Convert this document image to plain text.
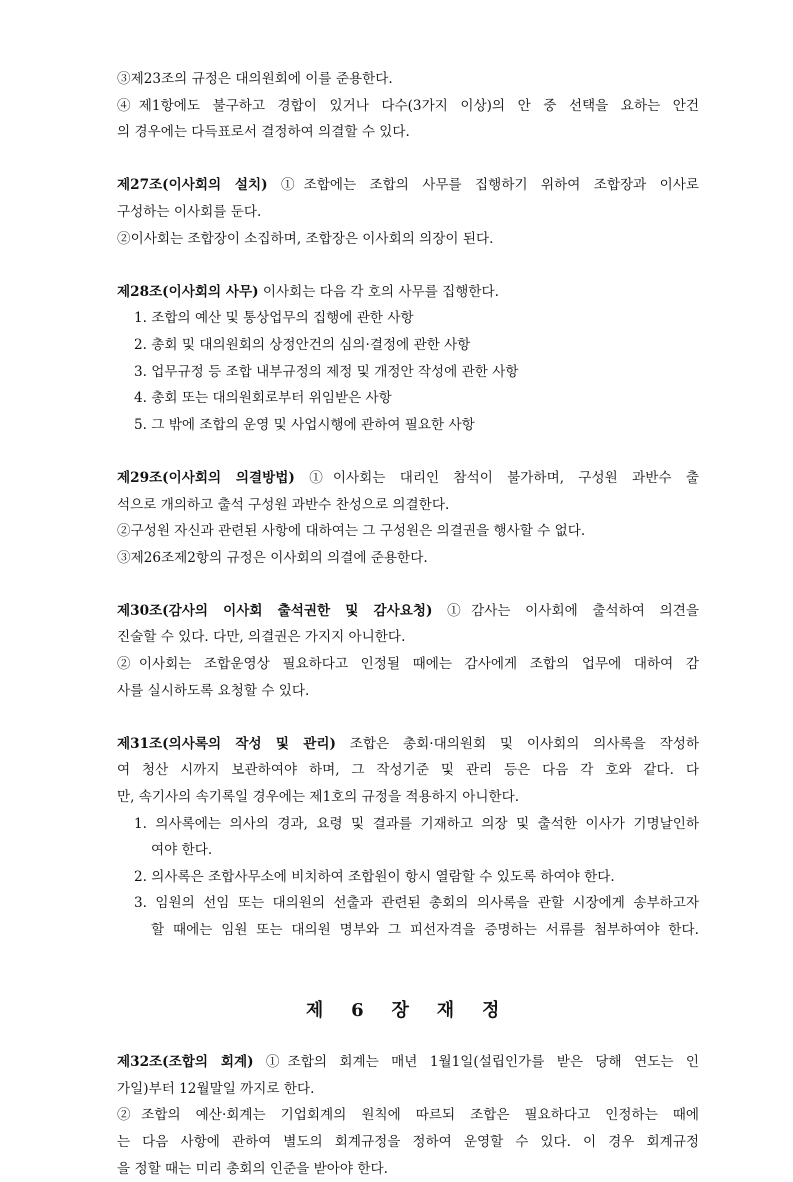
③제23조의 규정은 대의원회에 이를 준용한다.
④제1항에도 불구하고 경합이 있거나 다수(3가지 이상)의 안 중 선택을 요하는 안건
의 경우에는 다득표로서 결정하여 의결할 수 있다.
제27조(이사회의 설치) ①조합에는 조합의 사무를 집행하기 위하여 조합장과 이사로
구성하는 이사회를 둔다.
②이사회는 조합장이 소집하며, 조합장은 이사회의 의장이 된다.
제28조(이사회의 사무) 이사회는 다음 각 호의 사무를 집행한다.
1. 조합의 예산 및 통상업무의 집행에 관한 사항
2. 총회 및 대의원회의 상정안건의 심의·결정에 관한 사항
3. 업무규정 등 조합 내부규정의 제정 및 개정안 작성에 관한 사항
4. 총회 또는 대의원회로부터 위임받은 사항
5. 그 밖에 조합의 운영 및 사업시행에 관하여 필요한 사항
제29조(이사회의 의결방법) ①이사회는 대리인 참석이 불가하며, 구성원 과반수 출
석으로 개의하고 출석 구성원 과반수 찬성으로 의결한다.
②구성원 자신과 관련된 사항에 대하여는 그 구성원은 의결권을 행사할 수 없다.
③제26조제2항의 규정은 이사회의 의결에 준용한다.
제30조(감사의 이사회 출석권한 및 감사요청) ①감사는 이사회에 출석하여 의견을
진술할 수 있다. 다만, 의결권은 가지지 아니한다.
②이사회는 조합운영상 필요하다고 인정될 때에는 감사에게 조합의 업무에 대하여 감
사를 실시하도록 요청할 수 있다.
제31조(의사록의 작성 및 관리) 조합은 총회·대의원회 및 이사회의 의사록을 작성하
여 청산 시까지 보관하여야 하며, 그 작성기준 및 관리 등은 다음 각 호와 같다. 다
만, 속기사의 속기록일 경우에는 제1호의 규정을 적용하지 아니한다.
1. 의사록에는 의사의 경과, 요령 및 결과를 기재하고 의장 및 출석한 이사가 기명날인하
여야 한다.
2. 의사록은 조합사무소에 비치하여 조합원이 항시 열람할 수 있도록 하여야 한다.
3. 임원의 선임 또는 대의원의 선출과 관련된 총회의 의사록을 관할 시장에게 송부하고자
할 때에는 임원 또는 대의원 명부와 그 피선자격을 증명하는 서류를 첨부하여야 한다.
제 6 장 재 정
제32조(조합의 회계) ①조합의 회계는 매년 1월1일(설립인가를 받은 당해 연도는 인
가일)부터 12월말일 까지로 한다.
②조합의 예산·회계는 기업회계의 원칙에 따르되 조합은 필요하다고 인정하는 때에
는 다음 사항에 관하여 별도의 회계규정을 정하여 운영할 수 있다. 이 경우 회계규정
을 정할 때는 미리 총회의 인준을 받아야 한다.
